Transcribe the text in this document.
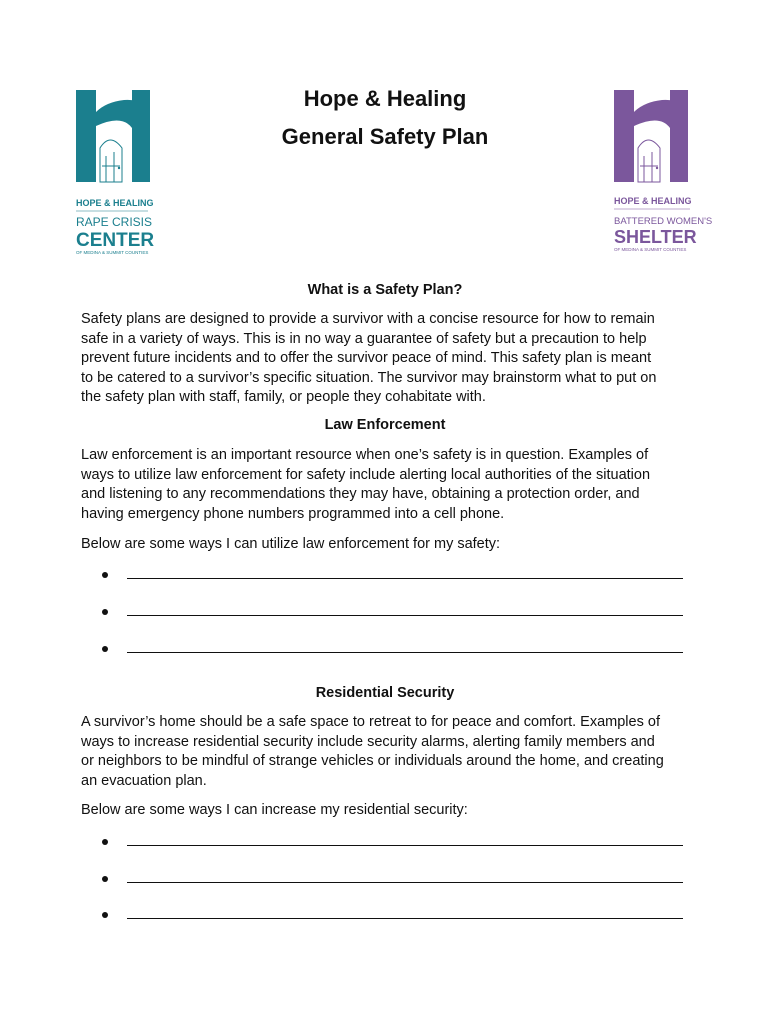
HOPE & HEALING
RAPE CRISIS
CENTER
OF MEDINA & SUMMIT COUNTIES
HOPE & HEALING
BATTERED WOMEN'S
SHELTER
OF MEDINA & SUMMIT COUNTIES
Hope & Healing
General Safety Plan
What is a Safety Plan?
Safety plans are designed to provide a survivor with a concise resource for how to remain
safe in a variety of ways. This is in no way a guarantee of safety but a precaution to help
prevent future incidents and to offer the survivor peace of mind. This safety plan is meant
to be catered to a survivor’s specific situation. The survivor may brainstorm what to put on
the safety plan with staff, family, or people they cohabitate with.
Law Enforcement
Law enforcement is an important resource when one’s safety is in question. Examples of
ways to utilize law enforcement for safety include alerting local authorities of the situation
and listening to any recommendations they may have, obtaining a protection order, and
having emergency phone numbers programmed into a cell phone.
Below are some ways I can utilize law enforcement for my safety:
Residential Security
A survivor’s home should be a safe space to retreat to for peace and comfort. Examples of
ways to increase residential security include security alarms, alerting family members and
or neighbors to be mindful of strange vehicles or individuals around the home, and creating
an evacuation plan.
Below are some ways I can increase my residential security:
